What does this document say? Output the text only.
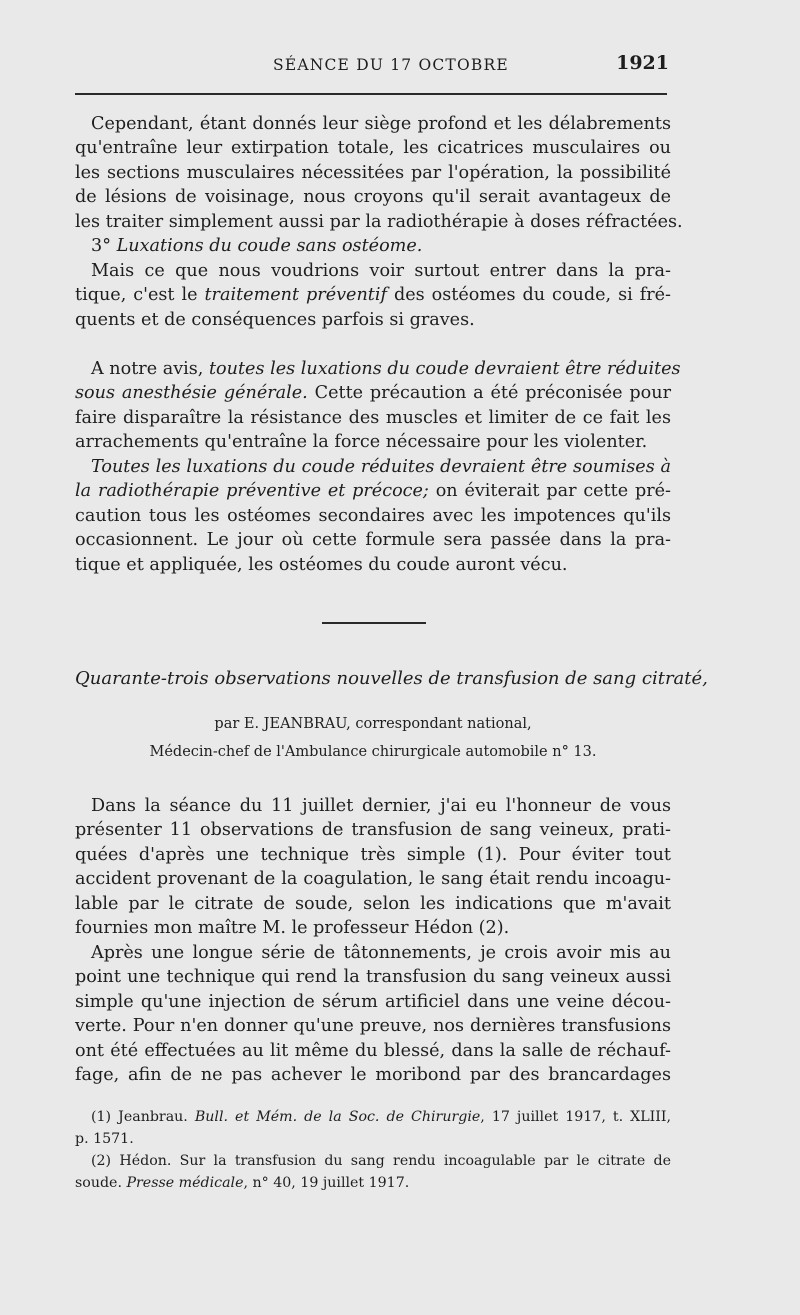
SÉANCE DU 17 OCTOBRE	1921
Cependant, étant donnés leur siège profond et les délabrements
qu'entraîne leur extirpation totale, les cicatrices musculaires ou
les sections musculaires nécessitées par l'opération, la possibilité
de lésions de voisinage, nous croyons qu'il serait avantageux de
les traiter simplement aussi par la radiothérapie à doses réfractées.
3° Luxations du coude sans ostéome.
Mais ce que nous voudrions voir surtout entrer dans la pra-
tique, c'est le traitement préventif des ostéomes du coude, si fré-
quents et de conséquences parfois si graves.
A notre avis, toutes les luxations du coude devraient être réduites
sous anesthésie générale. Cette précaution a été préconisée pour
faire disparaître la résistance des muscles et limiter de ce fait les
arrachements qu'entraîne la force nécessaire pour les violenter.
Toutes les luxations du coude réduites devraient être soumises à
la radiothérapie préventive et précoce; on éviterait par cette pré-
caution tous les ostéomes secondaires avec les impotences qu'ils
occasionnent. Le jour où cette formule sera passée dans la pra-
tique et appliquée, les ostéomes du coude auront vécu.
Quarante-trois observations nouvelles de transfusion de sang citraté,
par E. JEANBRAU, correspondant national,
Médecin-chef de l'Ambulance chirurgicale automobile n° 13.
Dans la séance du 11 juillet dernier, j'ai eu l'honneur de vous
présenter 11 observations de transfusion de sang veineux, prati-
quées d'après une technique très simple (1). Pour éviter tout
accident provenant de la coagulation, le sang était rendu incoagu-
lable par le citrate de soude, selon les indications que m'avait
fournies mon maître M. le professeur Hédon (2).
Après une longue série de tâtonnements, je crois avoir mis au
point une technique qui rend la transfusion du sang veineux aussi
simple qu'une injection de sérum artificiel dans une veine décou-
verte. Pour n'en donner qu'une preuve, nos dernières transfusions
ont été effectuées au lit même du blessé, dans la salle de réchauf-
fage, afin de ne pas achever le moribond par des brancardages
(1) Jeanbrau. Bull. et Mém. de la Soc. de Chirurgie, 17 juillet 1917, t. XLIII,
p. 1571.
(2) Hédon. Sur la transfusion du sang rendu incoagulable par le citrate de
soude. Presse médicale, n° 40, 19 juillet 1917.
